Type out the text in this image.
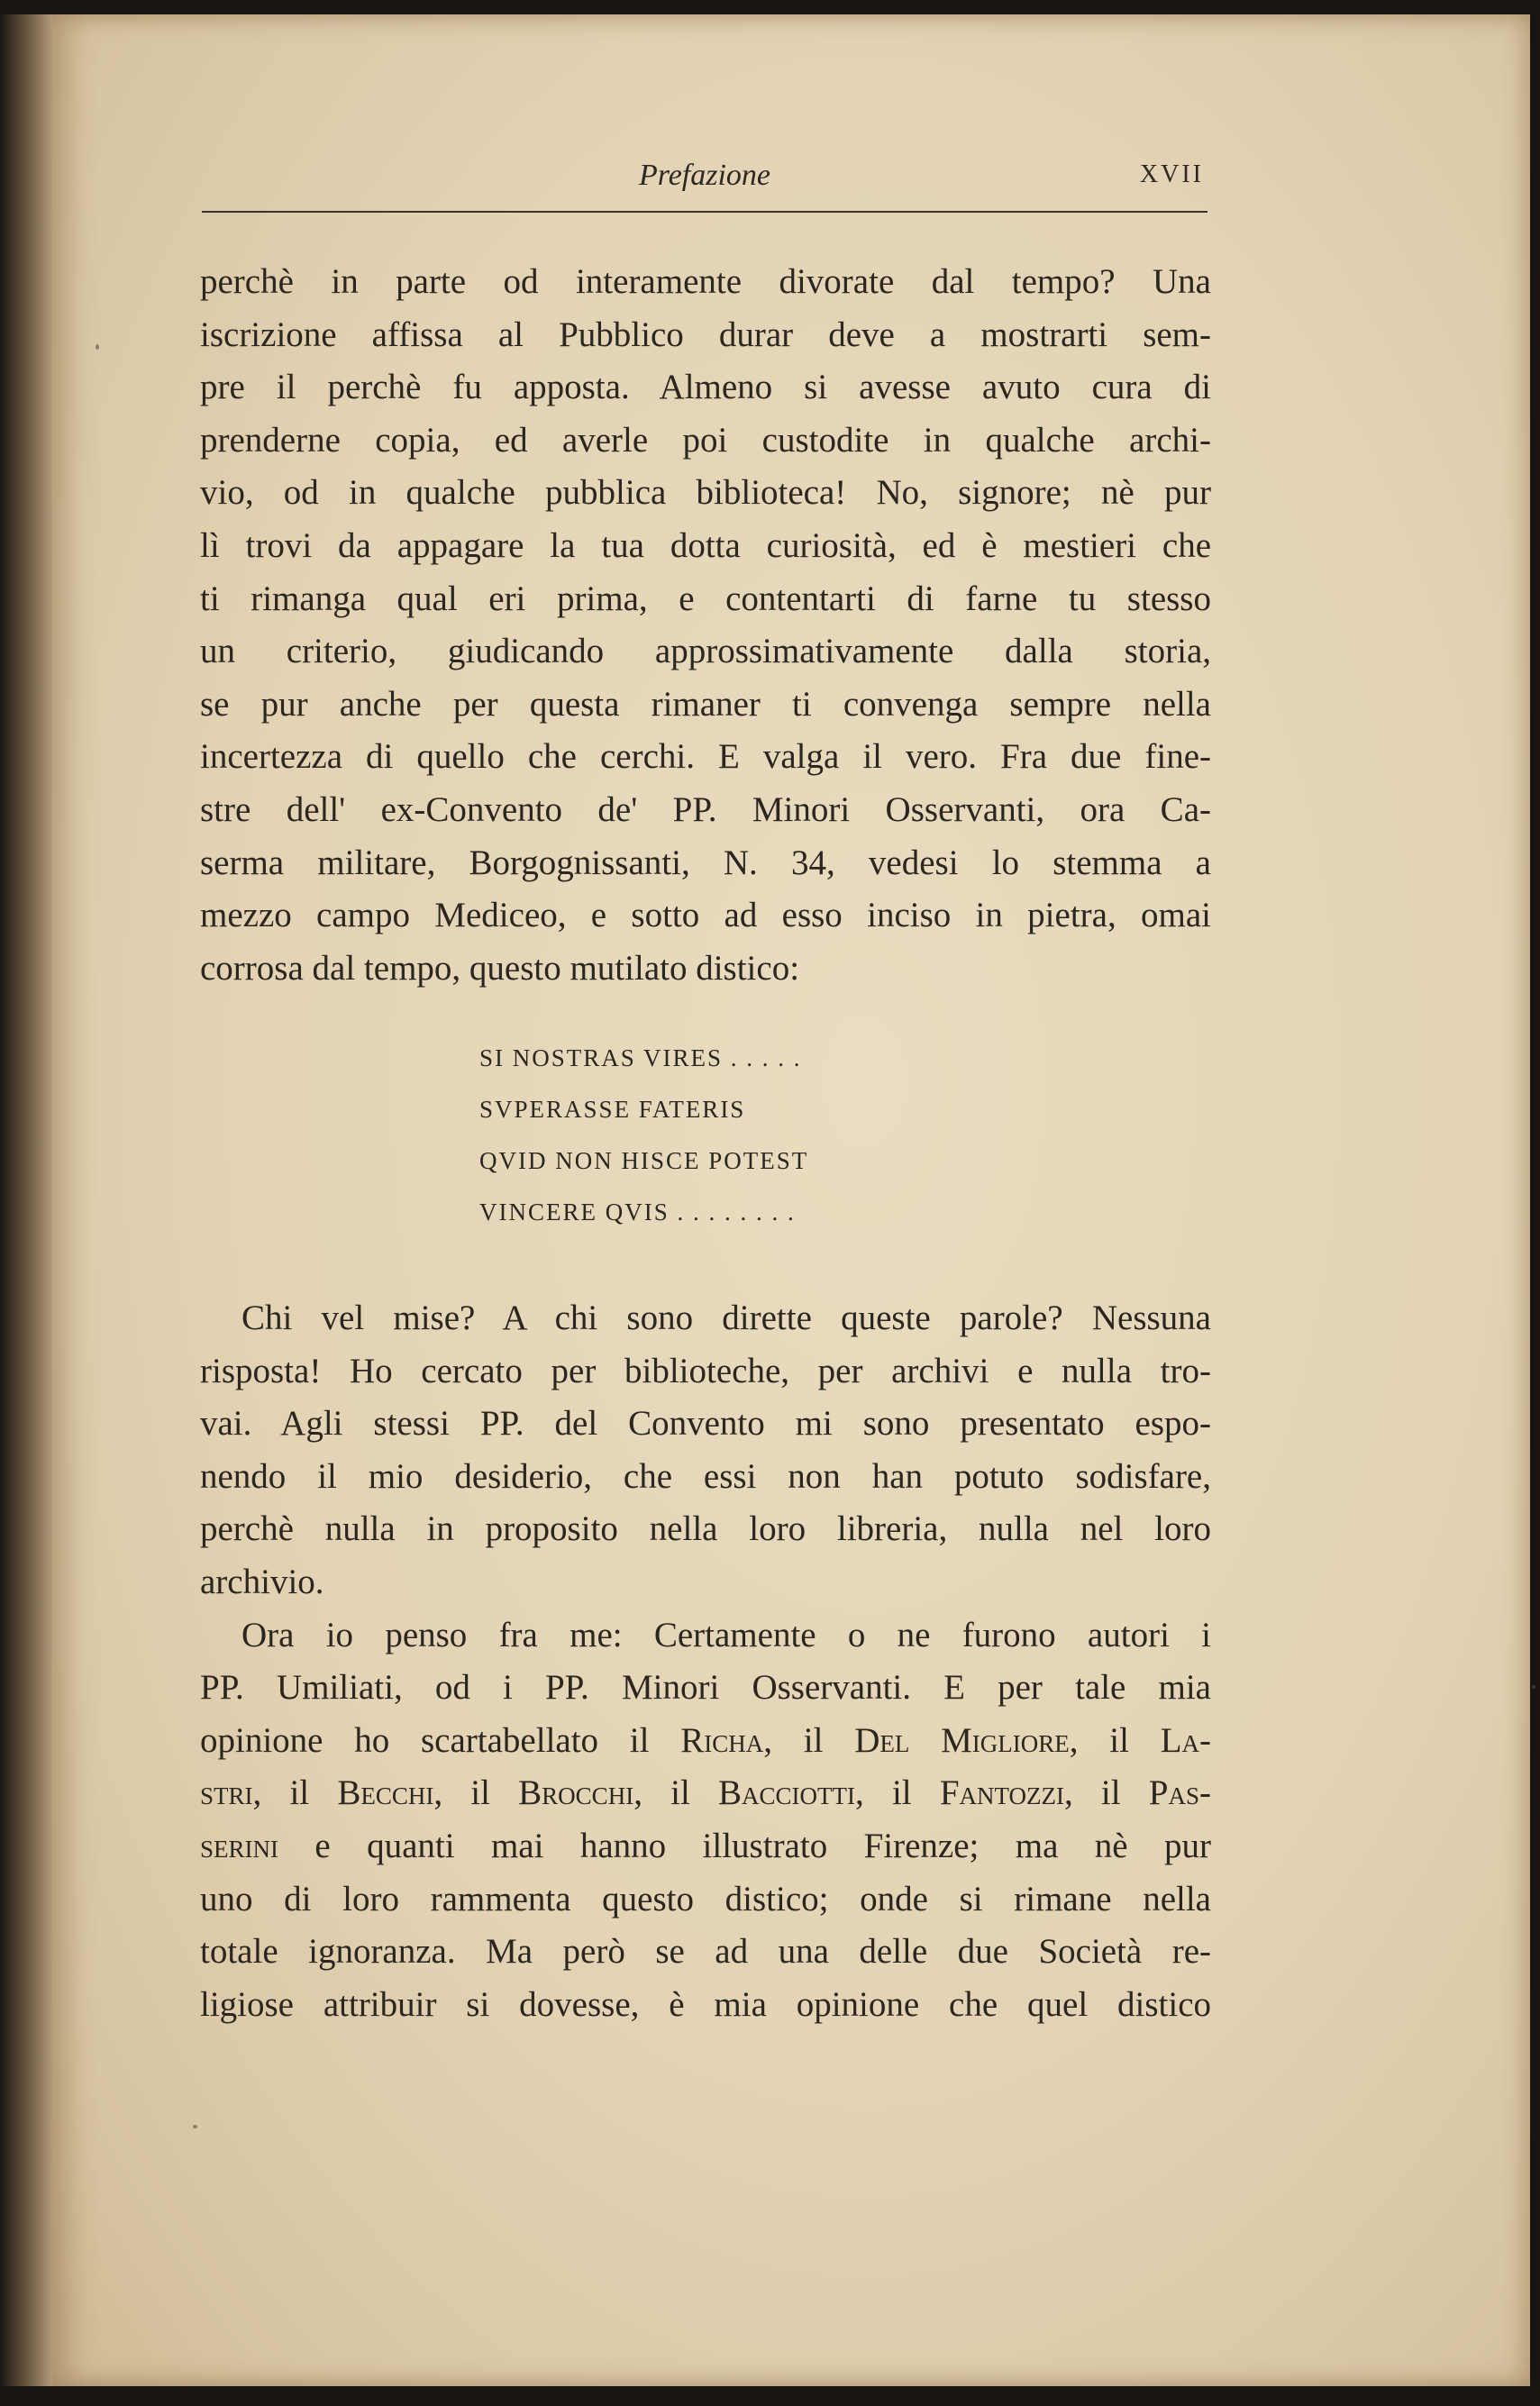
Prefazione	XVII
perchè in parte od interamente divorate dal tempo? Una
iscrizione affissa al Pubblico durar deve a mostrarti sem-
pre il perchè fu apposta. Almeno si avesse avuto cura di
prenderne copia, ed averle poi custodite in qualche archi-
vio, od in qualche pubblica biblioteca! No, signore; nè pur
lì trovi da appagare la tua dotta curiosità, ed è mestieri che
ti rimanga qual eri prima, e contentarti di farne tu stesso
un criterio, giudicando approssimativamente dalla storia,
se pur anche per questa rimaner ti convenga sempre nella
incertezza di quello che cerchi. E valga il vero. Fra due fine-
stre dell' ex-Convento de' PP. Minori Osservanti, ora Ca-
serma militare, Borgognissanti, N. 34, vedesi lo stemma a
mezzo campo Mediceo, e sotto ad esso inciso in pietra, omai
corrosa dal tempo, questo mutilato distico:
SI NOSTRAS VIRES . . . . .
SVPERASSE FATERIS
QVID NON HISCE POTEST
VINCERE QVIS . . . . . . . .
Chi vel mise? A chi sono dirette queste parole? Nessuna
risposta! Ho cercato per biblioteche, per archivi e nulla tro-
vai. Agli stessi PP. del Convento mi sono presentato espo-
nendo il mio desiderio, che essi non han potuto sodisfare,
perchè nulla in proposito nella loro libreria, nulla nel loro
archivio.
Ora io penso fra me: Certamente o ne furono autori i
PP. Umiliati, od i PP. Minori Osservanti. E per tale mia
opinione ho scartabellato il Richa, il Del Migliore, il La-
stri, il Becchi, il Brocchi, il Bacciotti, il Fantozzi, il Pas-
serini e quanti mai hanno illustrato Firenze; ma nè pur
uno di loro rammenta questo distico; onde si rimane nella
totale ignoranza. Ma però se ad una delle due Società re-
ligiose attribuir si dovesse, è mia opinione che quel distico
